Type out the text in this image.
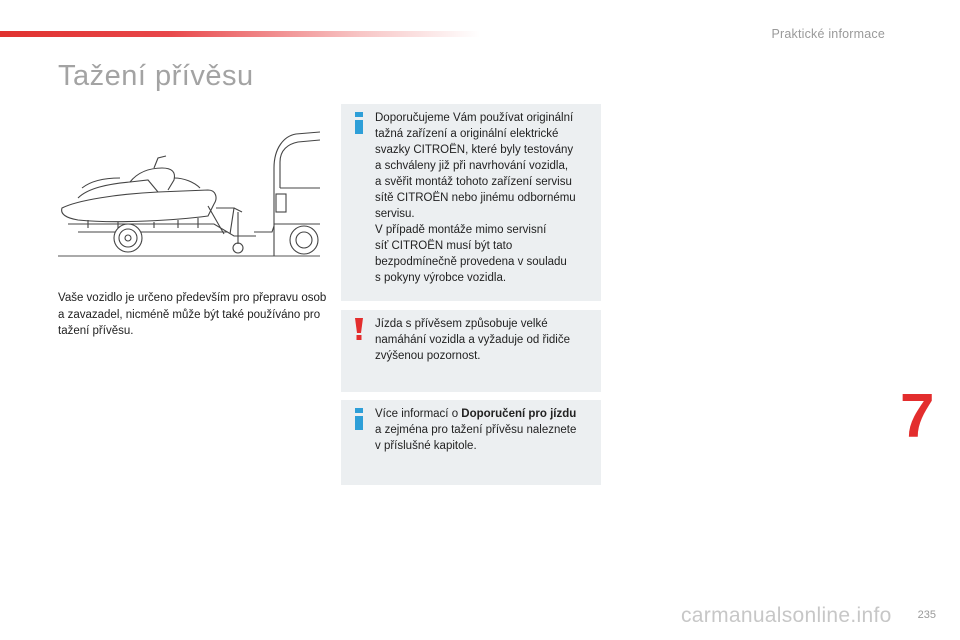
Praktické informace
Tažení přívěsu
Vaše vozidlo je určeno především pro přepravu osob a zavazadel, nicméně může být také používáno pro tažení přívěsu.
Doporučujeme Vám používat originální
tažná zařízení a originální elektrické
svazky CITROËN, které byly testovány
a schváleny již při navrhování vozidla,
a svěřit montáž tohoto zařízení servisu
sítě CITROËN nebo jinému odbornému
servisu.
V případě montáže mimo servisní
síť CITROËN musí být tato
bezpodmínečně provedena v souladu
s pokyny výrobce vozidla.
Jízda s přívěsem způsobuje velké
namáhání vozidla a vyžaduje od řidiče
zvýšenou pozornost.
Více informací o Doporučení pro jízdu
a zejména pro tažení přívěsu naleznete
v příslušné kapitole.	7
carmanualsonline.info 235
